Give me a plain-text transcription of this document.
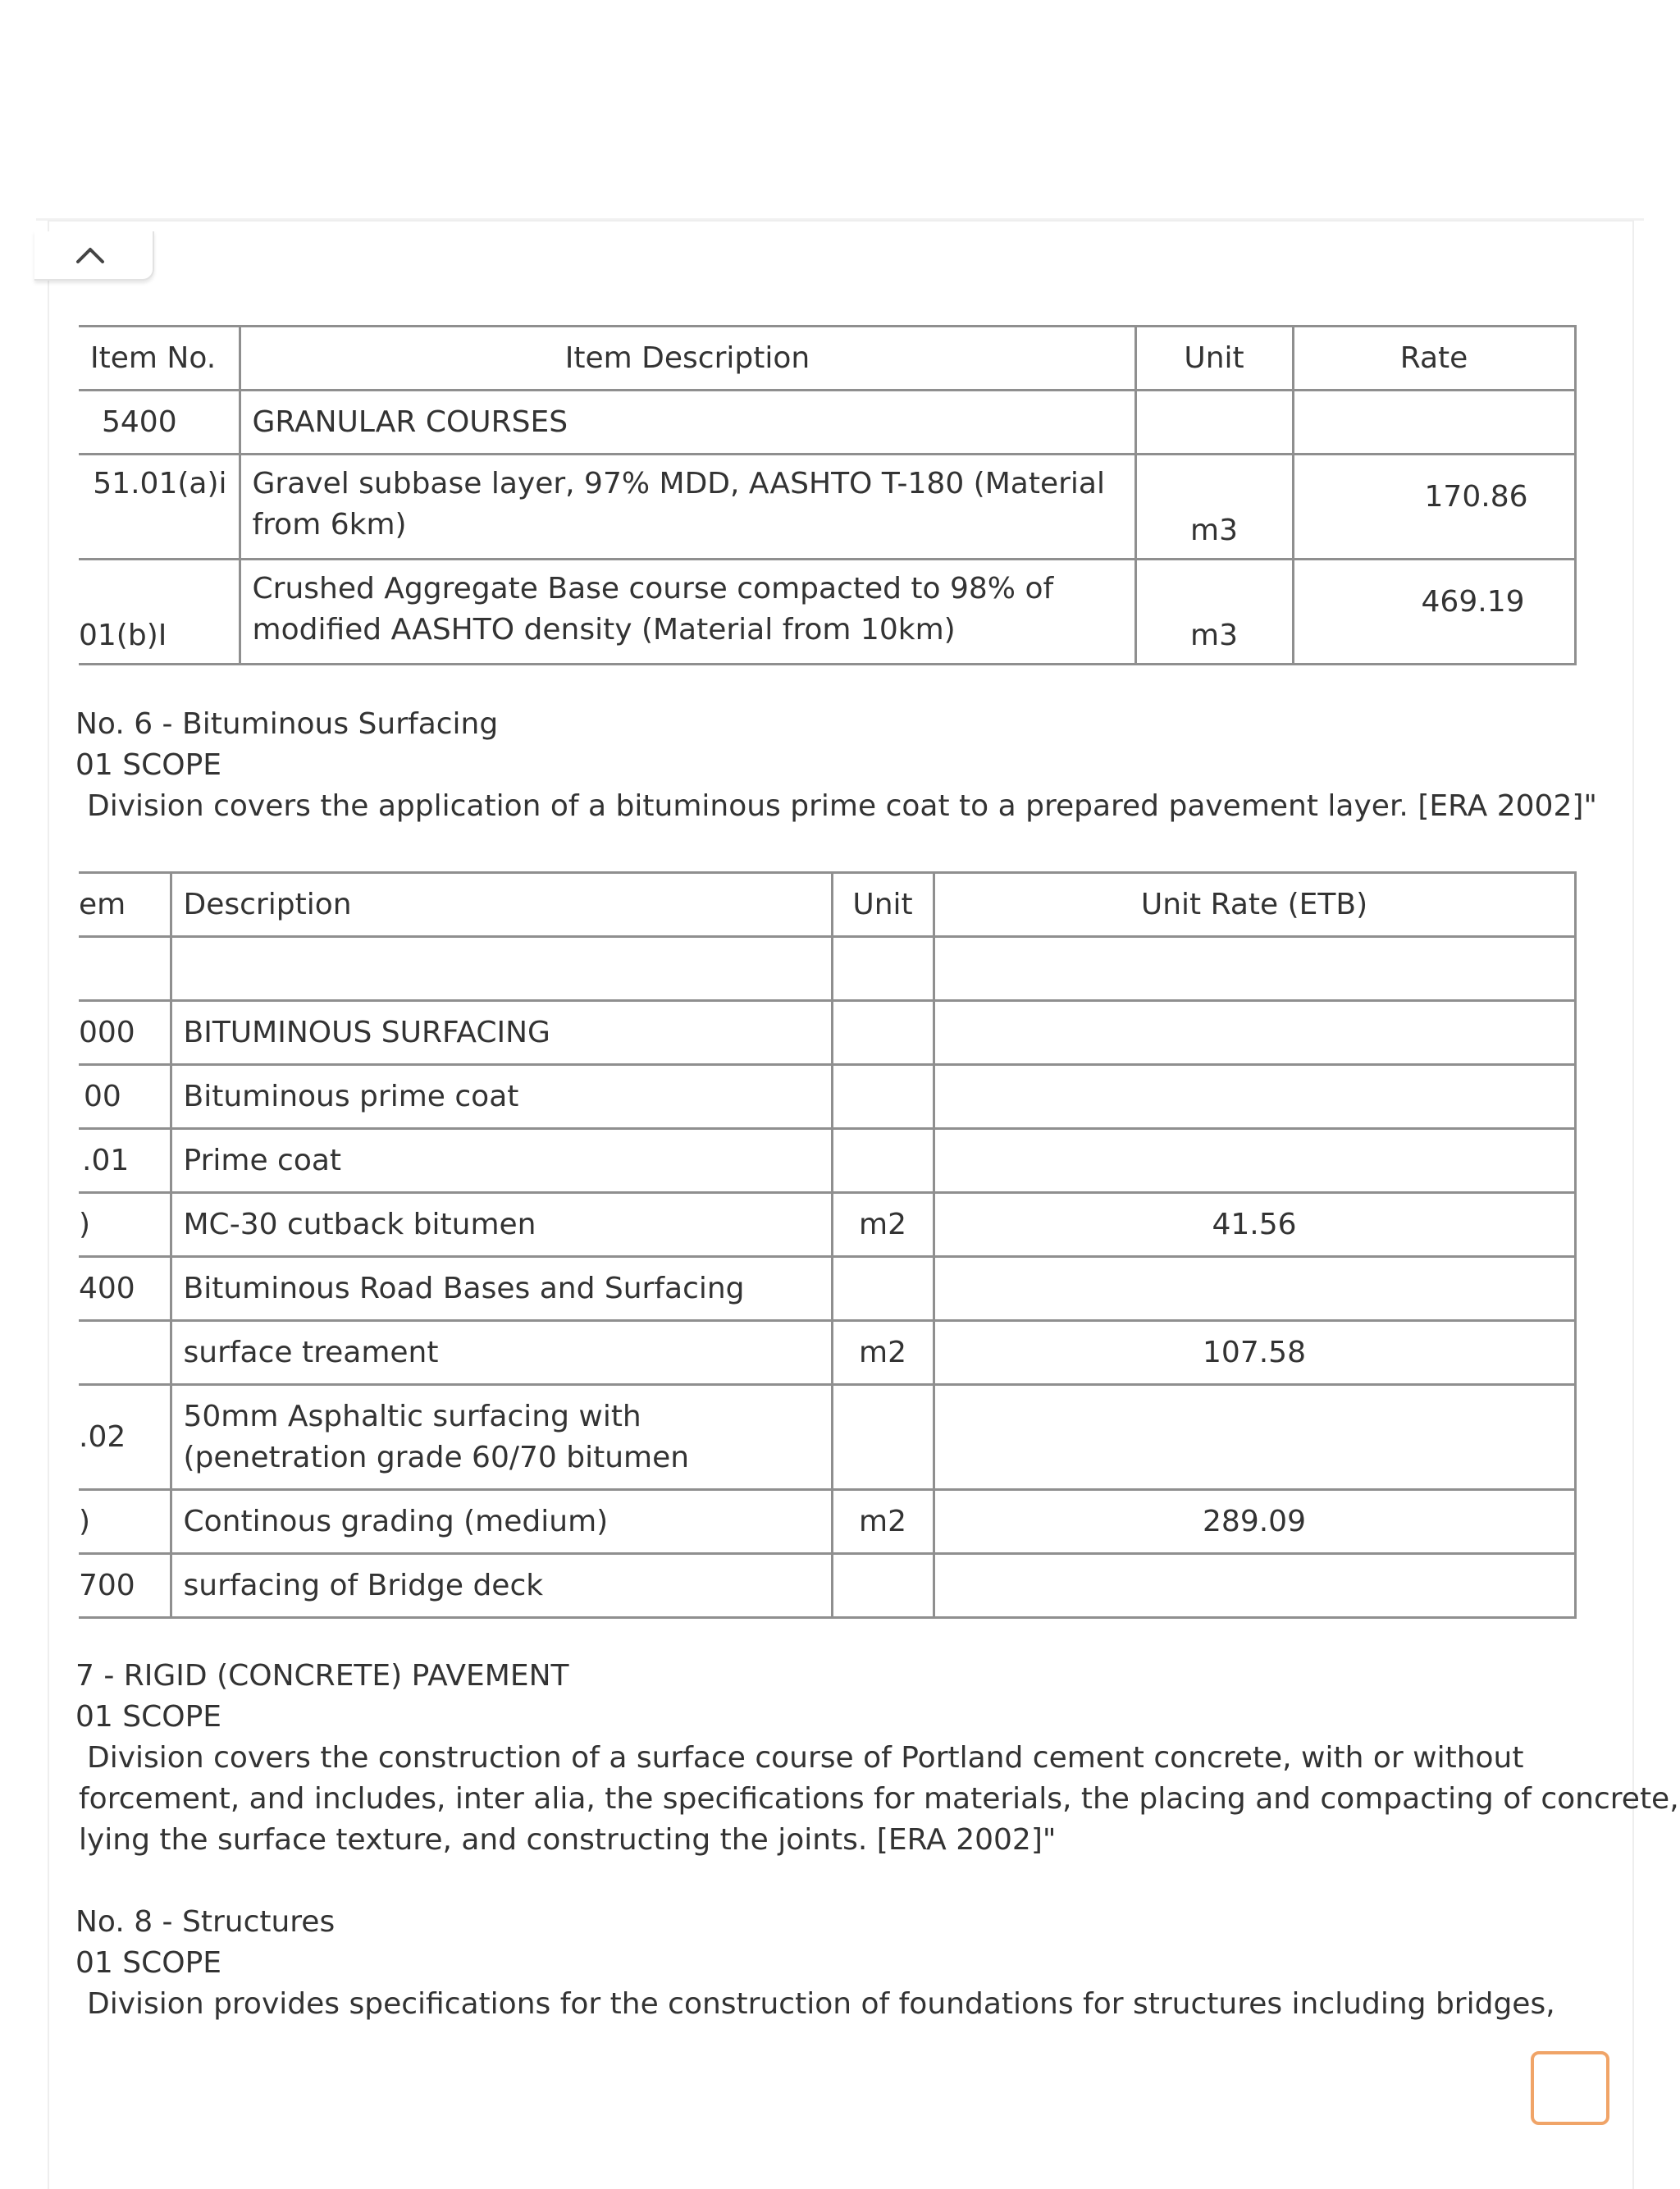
Item No.	Item Description	Unit	Rate
5400	GRANULAR COURSES		
51.01(a)i	Gravel subbase layer, 97% MDD, AASHTO T-180 (Material from 6km)	m3	170.86
01(b)I	Crushed Aggregate Base course compacted to 98% of modified AASHTO density (Material from 10km)	m3	469.19
No. 6 - Bituminous Surfacing
01 SCOPE
Division covers the application of a bituminous prime coat to a prepared pavement layer. [ERA 2002]"
em	Description	Unit	Unit Rate (ETB)

000	BITUMINOUS SURFACING		
00	Bituminous prime coat		
.01	Prime coat		
)	MC-30 cutback bitumen	m2	41.56
400	Bituminous Road Bases and Surfacing		
	surface treament	m2	107.58
.02	50mm Asphaltic surfacing with (penetration grade 60/70 bitumen		

)	Continous grading (medium)	m2	289.09
700	surfacing of Bridge deck		
7 - RIGID (CONCRETE) PAVEMENT
01 SCOPE
Division covers the construction of a surface course of Portland cement concrete, with or without
forcement, and includes, inter alia, the specifications for materials, the placing and compacting of concrete,
lying the surface texture, and constructing the joints. [ERA 2002]"
No. 8 - Structures
01 SCOPE
Division provides specifications for the construction of foundations for structures including bridges,
